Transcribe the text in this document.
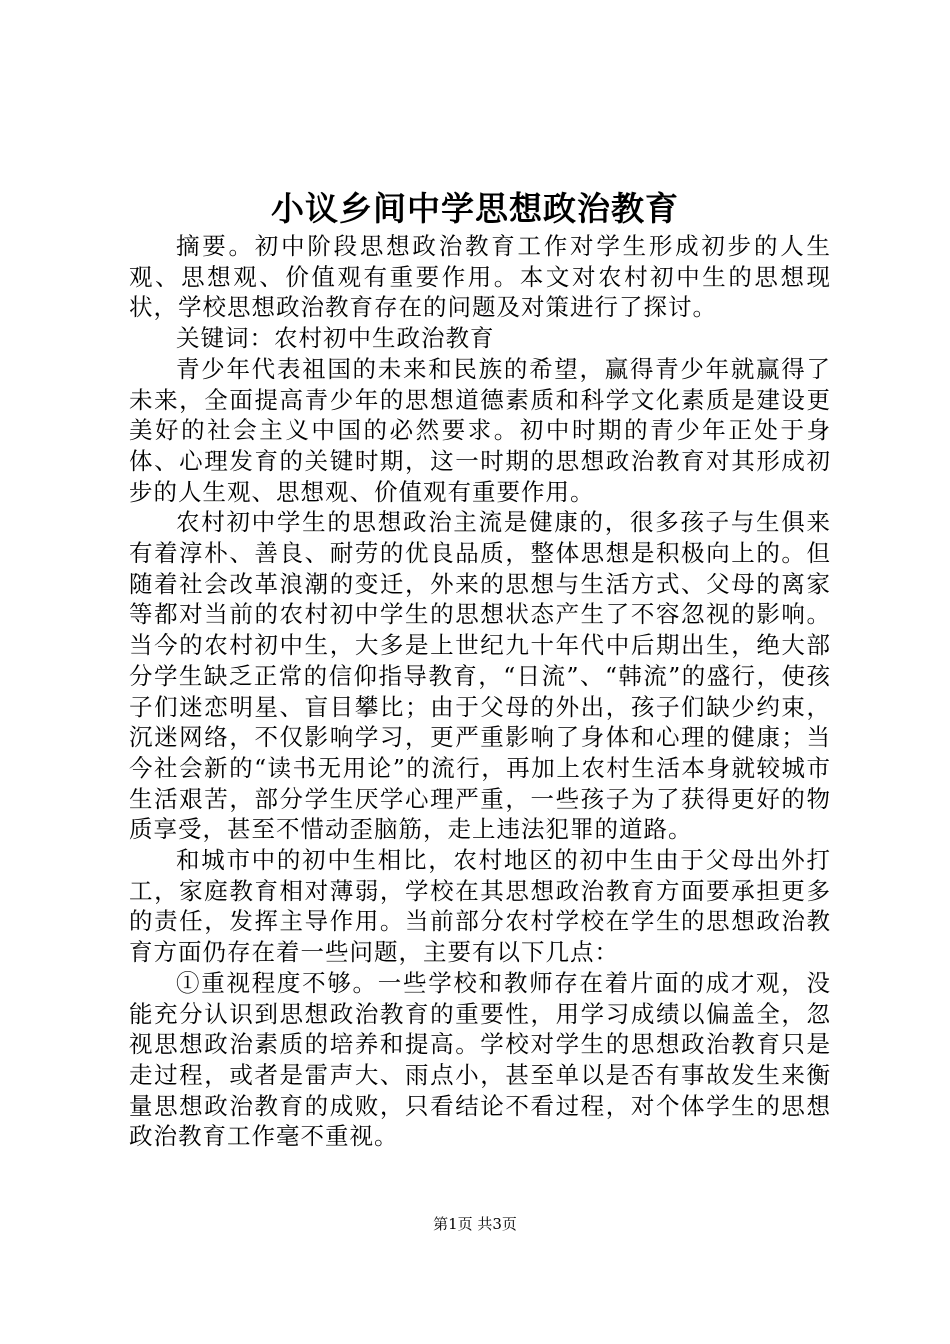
小议乡间中学思想政治教育

摘要。初中阶段思想政治教育工作对学生形成初步的人生观、思想观、价值观有重要作用。本文对农村初中生的思想现状，学校思想政治教育存在的问题及对策进行了探讨。

关键词：农村初中生政治教育

青少年代表祖国的未来和民族的希望，赢得青少年就赢得了未来，全面提高青少年的思想道德素质和科学文化素质是建设更美好的社会主义中国的必然要求。初中时期的青少年正处于身体、心理发育的关键时期，这一时期的思想政治教育对其形成初步的人生观、思想观、价值观有重要作用。

农村初中学生的思想政治主流是健康的，很多孩子与生俱来有着淳朴、善良、耐劳的优良品质，整体思想是积极向上的。但随着社会改革浪潮的变迁，外来的思想与生活方式、父母的离家等都对当前的农村初中学生的思想状态产生了不容忽视的影响。当今的农村初中生，大多是上世纪九十年代中后期出生，绝大部分学生缺乏正常的信仰指导教育，“日流”、“韩流”的盛行，使孩子们迷恋明星、盲目攀比；由于父母的外出，孩子们缺少约束，沉迷网络，不仅影响学习，更严重影响了身体和心理的健康；当今社会新的“读书无用论”的流行，再加上农村生活本身就较城市生活艰苦，部分学生厌学心理严重，一些孩子为了获得更好的物质享受，甚至不惜动歪脑筋，走上违法犯罪的道路。

和城市中的初中生相比，农村地区的初中生由于父母出外打工，家庭教育相对薄弱，学校在其思想政治教育方面要承担更多的责任，发挥主导作用。当前部分农村学校在学生的思想政治教育方面仍存在着一些问题，主要有以下几点：

①重视程度不够。一些学校和教师存在着片面的成才观，没能充分认识到思想政治教育的重要性，用学习成绩以偏盖全，忽视思想政治素质的培养和提高。学校对学生的思想政治教育只是走过程，或者是雷声大、雨点小，甚至单以是否有事故发生来衡量思想政治教育的成败，只看结论不看过程，对个体学生的思想政治教育工作毫不重视。

第1页 共3页
